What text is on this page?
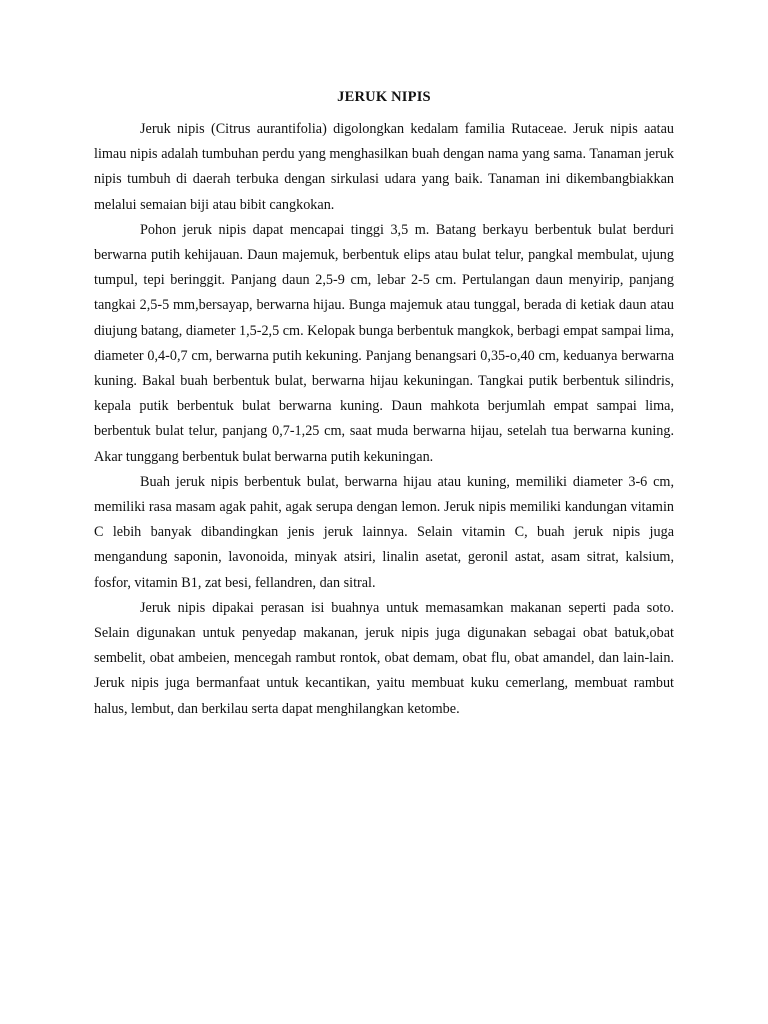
JERUK NIPIS

Jeruk nipis (Citrus aurantifolia) digolongkan kedalam familia Rutaceae. Jeruk nipis aatau limau nipis adalah tumbuhan perdu yang menghasilkan buah dengan nama yang sama. Tanaman jeruk nipis tumbuh di daerah terbuka dengan sirkulasi udara yang baik. Tanaman ini dikembangbiakkan melalui semaian biji atau bibit cangkokan.

Pohon jeruk nipis dapat mencapai tinggi 3,5 m. Batang berkayu berbentuk bulat berduri berwarna putih kehijauan. Daun majemuk, berbentuk elips atau bulat telur, pangkal membulat, ujung tumpul, tepi beringgit. Panjang daun 2,5-9 cm, lebar 2-5 cm. Pertulangan daun menyirip, panjang tangkai 2,5-5 mm,bersayap, berwarna hijau. Bunga majemuk atau tunggal, berada di ketiak daun atau diujung batang, diameter 1,5-2,5 cm. Kelopak bunga berbentuk mangkok, berbagi empat sampai lima, diameter 0,4-0,7 cm, berwarna putih kekuning. Panjang benangsari 0,35-o,40 cm, keduanya berwarna kuning. Bakal buah berbentuk bulat, berwarna hijau kekuningan. Tangkai putik berbentuk silindris, kepala putik berbentuk bulat berwarna kuning. Daun mahkota berjumlah empat sampai lima, berbentuk bulat telur, panjang 0,7-1,25 cm, saat muda berwarna hijau, setelah tua berwarna kuning. Akar tunggang berbentuk bulat berwarna putih kekuningan.

Buah jeruk nipis berbentuk bulat, berwarna hijau atau kuning, memiliki diameter 3-6 cm, memiliki rasa masam agak pahit, agak serupa dengan lemon. Jeruk nipis memiliki kandungan vitamin C lebih banyak dibandingkan jenis jeruk lainnya. Selain vitamin C, buah jeruk nipis juga mengandung saponin, lavonoida, minyak atsiri, linalin asetat, geronil astat, asam sitrat, kalsium, fosfor, vitamin B1, zat besi, fellandren, dan sitral.

Jeruk nipis dipakai perasan isi buahnya untuk memasamkan makanan seperti pada soto. Selain digunakan untuk penyedap makanan, jeruk nipis juga digunakan sebagai obat batuk,obat sembelit, obat ambeien, mencegah rambut rontok, obat demam, obat flu, obat amandel, dan lain-lain. Jeruk nipis juga bermanfaat untuk kecantikan, yaitu membuat kuku cemerlang, membuat rambut halus, lembut, dan berkilau serta dapat menghilangkan ketombe.
